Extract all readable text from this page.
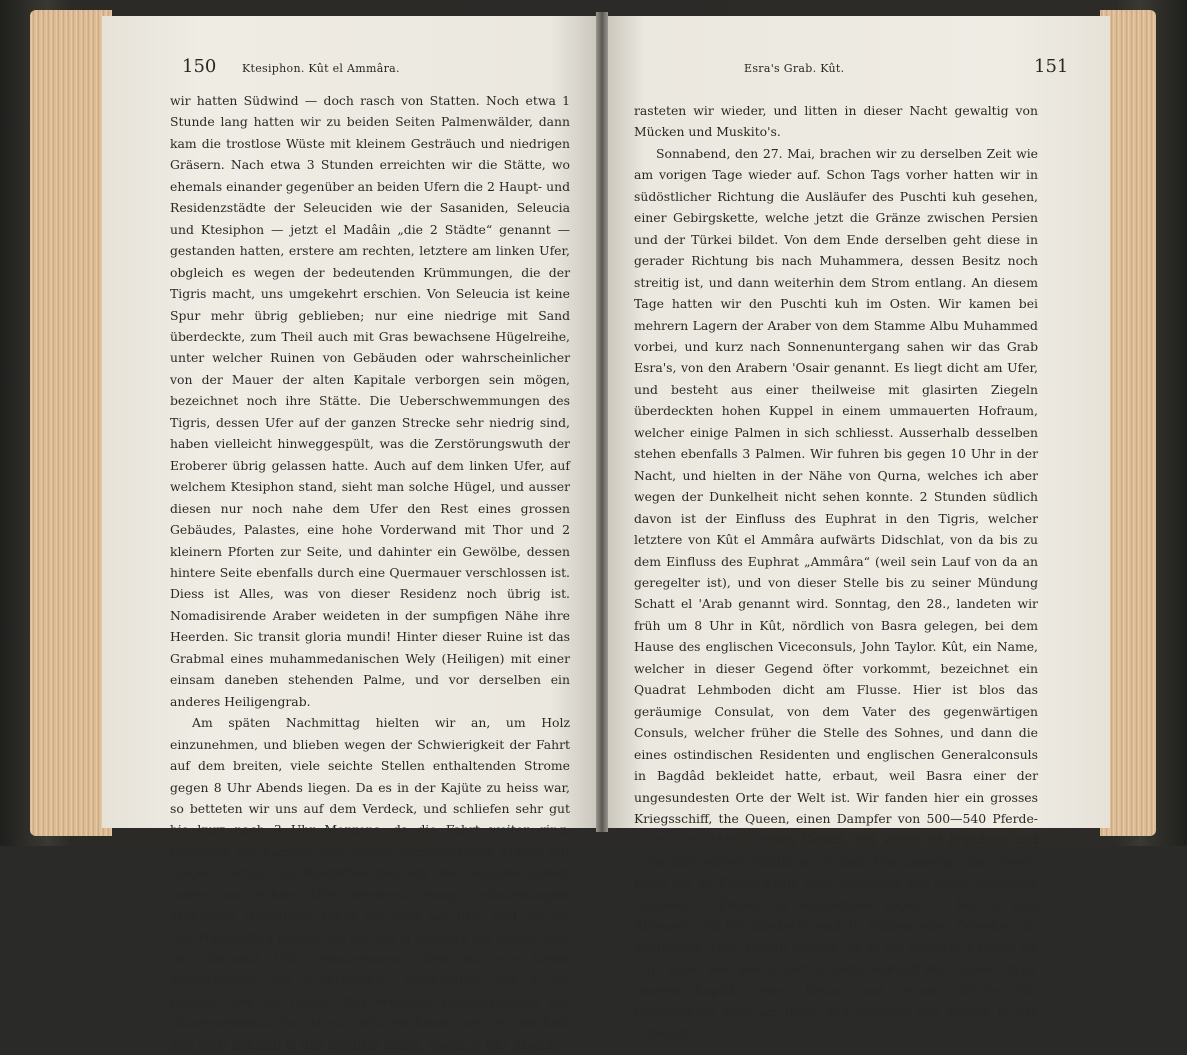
150 Ktesiphon. Kût el Ammâra.

wir hatten Südwind — doch rasch von Statten. Noch etwa 1 Stunde lang hatten wir zu beiden Seiten Palmenwälder, dann kam die trostlose Wüste mit kleinem Gesträuch und niedrigen Gräsern. Nach etwa 3 Stunden erreichten wir die Stätte, wo ehemals einander gegenüber an beiden Ufern die 2 Haupt- und Residenzstädte der Seleuciden wie der Sasaniden, Seleucia und Ktesiphon — jetzt el Madâin „die 2 Städte“ genannt — gestanden hatten, erstere am rechten, letztere am linken Ufer, obgleich es wegen der bedeutenden Krümmungen, die der Tigris macht, uns umgekehrt erschien. Von Seleucia ist keine Spur mehr übrig geblieben; nur eine niedrige mit Sand überdeckte, zum Theil auch mit Gras bewachsene Hügelreihe, unter welcher Ruinen von Gebäuden oder wahrscheinlicher von der Mauer der alten Kapitale verborgen sein mögen, bezeichnet noch ihre Stätte. Die Ueberschwemmungen des Tigris, dessen Ufer auf der ganzen Strecke sehr niedrig sind, haben vielleicht hinweggespült, was die Zerstörungswuth der Eroberer übrig gelassen hatte. Auch auf dem linken Ufer, auf welchem Ktesiphon stand, sieht man solche Hügel, und ausser diesen nur noch nahe dem Ufer den Rest eines grossen Gebäudes, Palastes, eine hohe Vorderwand mit Thor und 2 kleinern Pforten zur Seite, und dahinter ein Gewölbe, dessen hintere Seite ebenfalls durch eine Quermauer verschlossen ist. Diess ist Alles, was von dieser Residenz noch übrig ist. Nomadisirende Araber weideten in der sumpfigen Nähe ihre Heerden. Sic transit gloria mundi! Hinter dieser Ruine ist das Grabmal eines muhammedanischen Wely (Heiligen) mit einer einsam daneben stehenden Palme, und vor derselben ein anderes Heiligengrab.

Am späten Nachmittag hielten wir an, um Holz einzunehmen, und blieben wegen der Schwierigkeit der Fahrt auf dem breiten, viele seichte Stellen enthaltenden Strome gegen 8 Uhr Abends liegen. Da es in der Kajüte zu heiss war, so betteten wir uns auf dem Verdeck, und schliefen sehr gut bis kurz nach 3 Uhr Morgens, da die Fahrt weiter ging. Beduinen mit Kameel- und andere nomadisirende Araber mit Ziegen-, Schaf- und Rinderheerden von dem Stamme Sobeid waren am rechten Ufer zerstreut; einige Lehmfestungen arabischer Häuptlinge sahen wir nahe am Ufer, und um 2½ Uhr Nachmittag hielten wir bei Kût el Ammâra am linken Ufer, um abermals Holz einzunehmen. Diess ist eine kleine Araberkolonie mit erbärmlichen Strohhütten und 2 am rechten, wie am linken Ufer erbauten Lehmfestungen des Gouvernements. Von da aus geht ein Kanal, welcher oberhalb Sûq esch Schiuch in den Euphrat fliesst. Gegen 8 Uhr Abends

Esra's Grab. Kût.	151

rasteten wir wieder, und litten in dieser Nacht gewaltig von Mücken und Muskito's.

Sonnabend, den 27. Mai, brachen wir zu derselben Zeit wie am vorigen Tage wieder auf. Schon Tags vorher hatten wir in südöstlicher Richtung die Ausläufer des Puschti kuh gesehen, einer Gebirgskette, welche jetzt die Gränze zwischen Persien und der Türkei bildet. Von dem Ende derselben geht diese in gerader Richtung bis nach Muhammera, dessen Besitz noch streitig ist, und dann weiterhin dem Strom entlang. An diesem Tage hatten wir den Puschti kuh im Osten. Wir kamen bei mehrern Lagern der Araber von dem Stamme Albu Muhammed vorbei, und kurz nach Sonnenuntergang sahen wir das Grab Esra's, von den Arabern 'Osair genannt. Es liegt dicht am Ufer, und besteht aus einer theilweise mit glasirten Ziegeln überdeckten hohen Kuppel in einem ummauerten Hofraum, welcher einige Palmen in sich schliesst. Ausserhalb desselben stehen ebenfalls 3 Palmen. Wir fuhren bis gegen 10 Uhr in der Nacht, und hielten in der Nähe von Qurna, welches ich aber wegen der Dunkelheit nicht sehen konnte. 2 Stunden südlich davon ist der Einfluss des Euphrat in den Tigris, welcher letztere von Kût el Ammâra aufwärts Didschlat, von da bis zu dem Einfluss des Euphrat „Ammâra“ (weil sein Lauf von da an geregelter ist), und von dieser Stelle bis zu seiner Mündung Schatt el 'Arab genannt wird. Sonntag, den 28., landeten wir früh um 8 Uhr in Kût, nördlich von Basra gelegen, bei dem Hause des englischen Viceconsuls, John Taylor. Kût, ein Name, welcher in dieser Gegend öfter vorkommt, bezeichnet ein Quadrat Lehmboden dicht am Flusse. Hier ist blos das geräumige Consulat, von dem Vater des gegenwärtigen Consuls, welcher früher die Stelle des Sohnes, und dann die eines ostindischen Residenten und englischen Generalconsuls in Bagdâd bekleidet hatte, erbaut, weil Basra einer der ungesundesten Orte der Welt ist. Wir fanden hier ein grosses Kriegsschiff, the Queen, einen Dampfer von 500—540 Pferde-Kraft, und 1400 Tonnen Gehalt, mit vielen 68-Pfündern und einer zahlreichen Schiffsmannschaft. Das unserige, der Comet, hatte nur 40 Pferde-Kraft, zwei 9pfündige und sechs 4pfündige Kanonen, 4 Flinten zu ½pfündigen Kugeln, 2 Röhren zum Abfeuern von Brandraketen und 40 Flinten, alles Gewehre mit Schlössern. Cap. Trouth machte, da er ein jüngerer Kapitän als Cap. Jones war, gleich nach unserer Ankunft mit Consul Taylor unserm Kapitän einen Besuch auf seinem Schiffe. Wir frühstückten noch am Bord, und begaben uns sodann in das Consulat,
